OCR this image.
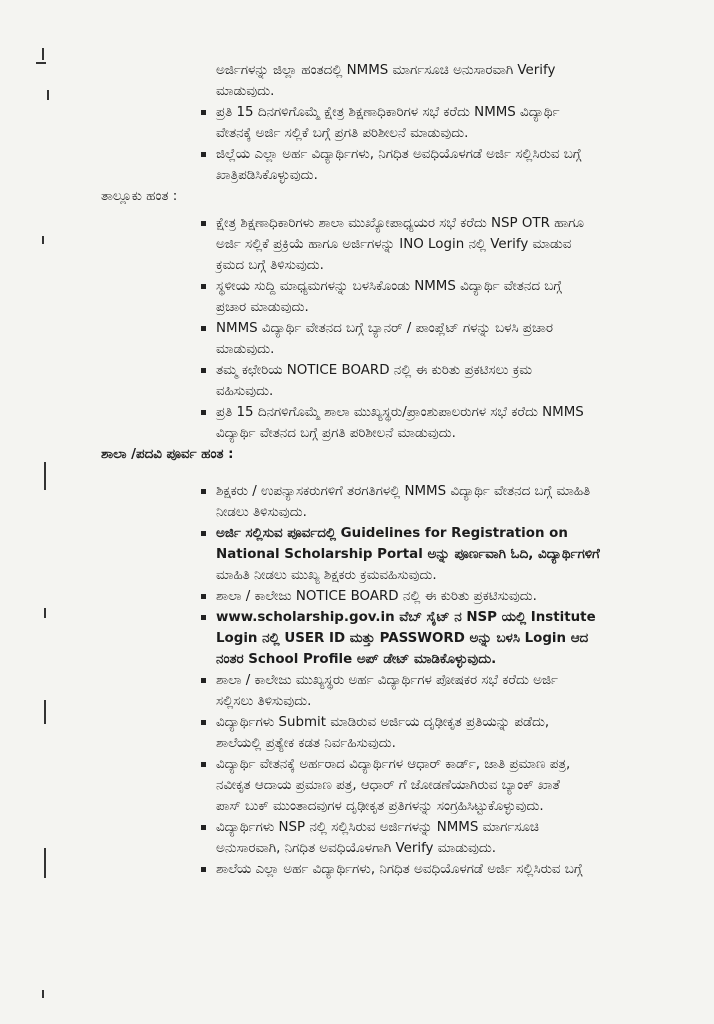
ಅರ್ಜಿಗಳನ್ನು ಜಿಲ್ಲಾ ಹಂತದಲ್ಲಿ NMMS ಮಾರ್ಗಸೂಚಿ ಅನುಸಾರವಾಗಿ Verify
ಮಾಡುವುದು.
ಪ್ರತಿ 15 ದಿನಗಳಿಗೊಮ್ಮೆ ಕ್ಷೇತ್ರ ಶಿಕ್ಷಣಾಧಿಕಾರಿಗಳ ಸಭೆ ಕರೆದು NMMS ವಿದ್ಯಾರ್ಥಿ
ವೇತನಕ್ಕೆ ಅರ್ಜಿ ಸಲ್ಲಿಕೆ ಬಗ್ಗೆ ಪ್ರಗತಿ ಪರಿಶೀಲನೆ ಮಾಡುವುದು.
ಜಿಲ್ಲೆಯ ಎಲ್ಲಾ ಅರ್ಹ ವಿದ್ಯಾರ್ಥಿಗಳು, ನಿಗಧಿತ ಅವಧಿಯೊಳಗಡೆ ಅರ್ಜಿ ಸಲ್ಲಿಸಿರುವ ಬಗ್ಗೆ
ಖಾತ್ರಿಪಡಿಸಿಕೊಳ್ಳುವುದು.
ತಾಲ್ಲೂಕು ಹಂತ :
ಕ್ಷೇತ್ರ ಶಿಕ್ಷಣಾಧಿಕಾರಿಗಳು ಶಾಲಾ ಮುಖ್ಯೋಪಾಧ್ಯಯರ ಸಭೆ ಕರೆದು NSP OTR ಹಾಗೂ
ಅರ್ಜಿ ಸಲ್ಲಿಕೆ ಪ್ರಕ್ರಿಯೆ ಹಾಗೂ ಅರ್ಜಿಗಳನ್ನು INO Login ನಲ್ಲಿ Verify ಮಾಡುವ
ಕ್ರಮದ ಬಗ್ಗೆ ತಿಳಿಸುವುದು.
ಸ್ಥಳೀಯ ಸುದ್ದಿ ಮಾಧ್ಯಮಗಳನ್ನು ಬಳಸಿಕೊಂಡು NMMS ವಿದ್ಯಾರ್ಥಿ ವೇತನದ ಬಗ್ಗೆ
ಪ್ರಚಾರ ಮಾಡುವುದು.
NMMS ವಿದ್ಯಾರ್ಥಿ ವೇತನದ ಬಗ್ಗೆ ಬ್ಯಾನರ್ / ಪಾಂಪ್ಲೆಟ್ ಗಳನ್ನು ಬಳಸಿ ಪ್ರಚಾರ
ಮಾಡುವುದು.
ತಮ್ಮ ಕಛೇರಿಯ NOTICE BOARD ನಲ್ಲಿ ಈ ಕುರಿತು ಪ್ರಕಟಿಸಲು ಕ್ರಮ
ವಹಿಸುವುದು.
ಪ್ರತಿ 15 ದಿನಗಳಿಗೊಮ್ಮೆ ಶಾಲಾ ಮುಖ್ಯಸ್ಥರು/ಪ್ರಾಂಶುಪಾಲರುಗಳ ಸಭೆ ಕರೆದು NMMS
ವಿದ್ಯಾರ್ಥಿ ವೇತನದ ಬಗ್ಗೆ ಪ್ರಗತಿ ಪರಿಶೀಲನೆ ಮಾಡುವುದು.
ಶಾಲಾ /ಪದವಿ ಪೂರ್ವ ಹಂತ :
ಶಿಕ್ಷಕರು / ಉಪನ್ಯಾಸಕರುಗಳಿಗೆ ತರಗತಿಗಳಲ್ಲಿ NMMS ವಿದ್ಯಾರ್ಥಿ ವೇತನದ ಬಗ್ಗೆ ಮಾಹಿತಿ
ನೀಡಲು ತಿಳಿಸುವುದು.
ಅರ್ಜಿ ಸಲ್ಲಿಸುವ ಪೂರ್ವದಲ್ಲಿ Guidelines for Registration on
National Scholarship Portal ಅನ್ನು ಪೂರ್ಣವಾಗಿ ಓದಿ, ವಿದ್ಯಾರ್ಥಿಗಳಿಗೆ
ಮಾಹಿತಿ ನೀಡಲು ಮುಖ್ಯ ಶಿಕ್ಷಕರು ಕ್ರಮವಹಿಸುವುದು.
ಶಾಲಾ / ಕಾಲೇಜು NOTICE BOARD ನಲ್ಲಿ ಈ ಕುರಿತು ಪ್ರಕಟಿಸುವುದು.
www.scholarship.gov.in ವೆಬ್ ಸೈಟ್ ನ NSP ಯಲ್ಲಿ Institute
Login ನಲ್ಲಿ USER ID ಮತ್ತು PASSWORD ಅನ್ನು ಬಳಸಿ Login ಆದ
ನಂತರ School Profile ಅಪ್ ಡೇಟ್ ಮಾಡಿಕೊಳ್ಳುವುದು.
ಶಾಲಾ / ಕಾಲೇಜು ಮುಖ್ಯಸ್ಥರು ಅರ್ಹ ವಿದ್ಯಾರ್ಥಿಗಳ ಪೋಷಕರ ಸಭೆ ಕರೆದು ಅರ್ಜಿ
ಸಲ್ಲಿಸಲು ತಿಳಿಸುವುದು.
ವಿದ್ಯಾರ್ಥಿಗಳು Submit ಮಾಡಿರುವ ಅರ್ಜಿಯ ದೃಢೀಕೃತ ಪ್ರತಿಯನ್ನು ಪಡೆದು,
ಶಾಲೆಯಲ್ಲಿ ಪ್ರತ್ಯೇಕ ಕಡತ ನಿರ್ವಹಿಸುವುದು.
ವಿದ್ಯಾರ್ಥಿ ವೇತನಕ್ಕೆ ಅರ್ಹರಾದ ವಿದ್ಯಾರ್ಥಿಗಳ ಆಧಾರ್ ಕಾರ್ಡ್, ಜಾತಿ ಪ್ರಮಾಣ ಪತ್ರ,
ನವೀಕೃತ ಆದಾಯ ಪ್ರಮಾಣ ಪತ್ರ, ಆಧಾರ್ ಗೆ ಜೋಡಣೆಯಾಗಿರುವ ಬ್ಯಾಂಕ್ ಖಾತೆ
ಪಾಸ್ ಬುಕ್ ಮುಂತಾದವುಗಳ ದೃಢೀಕೃತ ಪ್ರತಿಗಳನ್ನು ಸಂಗ್ರಹಿಸಿಟ್ಟುಕೊಳ್ಳುವುದು.
ವಿದ್ಯಾರ್ಥಿಗಳು NSP ನಲ್ಲಿ ಸಲ್ಲಿಸಿರುವ ಅರ್ಜಿಗಳನ್ನು NMMS ಮಾರ್ಗಸೂಚಿ
ಅನುಸಾರವಾಗಿ, ನಿಗಧಿತ ಅವಧಿಯೊಳಗಾಗಿ Verify ಮಾಡುವುದು.
ಶಾಲೆಯ ಎಲ್ಲಾ ಅರ್ಹ ವಿದ್ಯಾರ್ಥಿಗಳು, ನಿಗಧಿತ ಅವಧಿಯೊಳಗಡೆ ಅರ್ಜಿ ಸಲ್ಲಿಸಿರುವ ಬಗ್ಗೆ
